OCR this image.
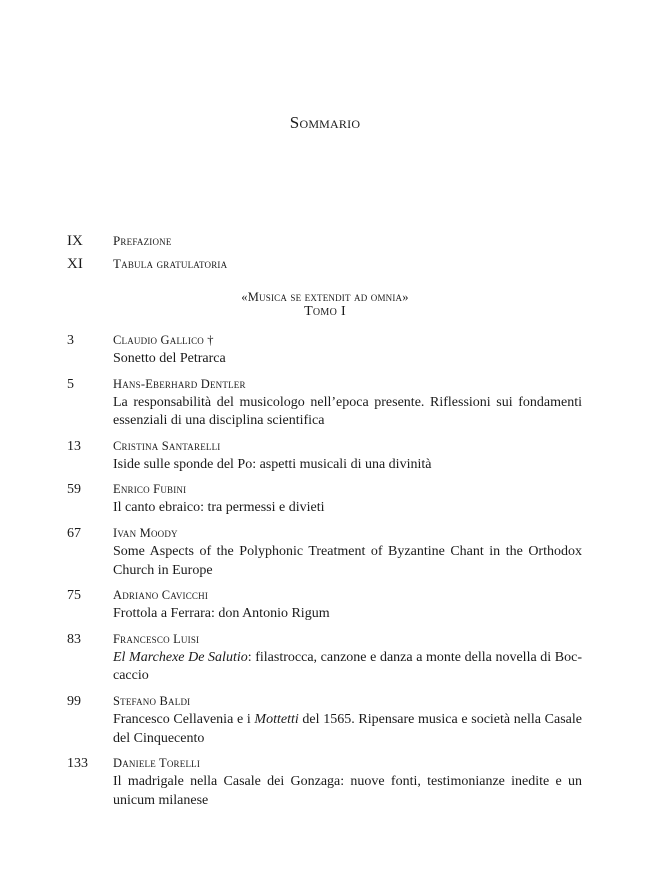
Sommario
IX Prefazione
XI Tabula gratulatoria
«Musica se extendit ad omnia»
Tomo I
3	Claudio Gallico †
Sonetto del Petrarca
5	Hans-Eberhard Dentler
La responsabilità del musicologo nell’epoca presente. Riflessioni sui fondamenti essenziali di una disciplina scientifica
13	Cristina Santarelli
Iside sulle sponde del Po: aspetti musicali di una divinità
59	Enrico Fubini
Il canto ebraico: tra permessi e divieti
67	Ivan Moody
Some Aspects of the Polyphonic Treatment of Byzantine Chant in the Orthodox Church in Europe
75	Adriano Cavicchi
Frottola a Ferrara: don Antonio Rigum
83	Francesco Luisi
El Marchexe De Salutio: filastrocca, canzone e danza a monte della novella di Boc- caccio
99	Stefano Baldi
Francesco Cellavenia e i Mottetti del 1565. Ripensare musica e società nella Casale del Cinquecento
133	Daniele Torelli
Il madrigale nella Casale dei Gonzaga: nuove fonti, testimonianze inedite e un unicum milanese
